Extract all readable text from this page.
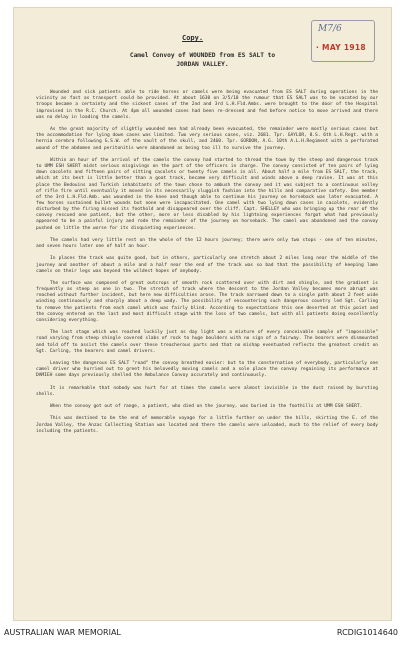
M7/6
· MAY 1918
Copy.
Camel Convoy of WOUNDED from ES SALT to
JORDAN VALLEY.

Wounded and sick patients able to ride horses or camels were being evacuated from ES SALT during operations in the vicinity as fast as transport could be provided. At about 1630 on 3/5/18 the rumour that ES SALT was to be vacated by our troops became a certainty and the sickest cases of the 2nd and 3rd L.H.Fld.Ambs. were brought to the door of the Hospital improvised in the R.C. Church. At 4pm all wounded cases had been re-dressed and fed before notice to move arrived and there was no delay in loading the camels.

As the great majority of slightly wounded men had already been evacuated, the remainder were mostly serious cases but the accommodation for lying down cases was limited. Two very serious cases, viz. 2681. Tpr. GAYLOR, 8.S. 6th L.H.Regt. with a hernia cerebra following G.S.W. of the vault of the skull, and 2460. Tpr. GORDON, A.G. 10th A.L.H.Regiment with a perforated wound of the abdomen and peritonitis were abandoned as being too ill to survive the journey.

Within an hour of the arrival of the camels the convoy had started to thread the town by the steep and dangerous track to UMM ESH SHERT midst serious misgivings on the part of the officers in charge. The convoy consisted of ten pairs of lying down cacolets and fifteen pairs of sitting cacolets or twenty five camels in all. About half a mile from ES SALT, the track, which at its best is little better than a goat track, became very difficult and winds above a deep ravine. It was at this place the Bedouins and Turkish inhabitants of the town chose to ambush the convoy and it was subject to a continuous volley of rifle fire until eventually it moved in its necessarily sluggish fashion into the hills and comparative safety. One member of the 3rd L.H.Fld.Amb. was wounded in the knee and though able to continue his journey on horseback was later evacuated. A few horses sustained bullet wounds but none were incapacitated. One camel with two lying down cases in cacolets, evidently disturbed by the firing missed its foothold and disappeared over the cliff. Capt. SHELLEY who was bringing up the rear of the convoy rescued one patient, but the other, more or less disabled by his lightning experiences forgot what had previously appeared to be a painful injury and rode the remainder of the journey on horseback. The camel was abandoned and the convoy pushed on little the worse for its disquieting experiences.

The camels had very little rest on the whole of the 12 hours journey; there were only two stops - one of ten minutes, and seven hours later one of half an hour.

In places the track was quite good, but in others, particularly one stretch about 2 miles long near the middle of the journey and another of about a mile and a half near the end of the track was so bad that the possibility of keeping lame camels on their legs was beyond the wildest hopes of anybody.

The surface was composed of great outcrops of smooth rock scattered over with dirt and shingle, and the gradient is frequently as steep as one in two. The stretch of track where the descent to the Jordan Valley becomes more abrupt was reached without further incident, but here new difficulties arose. The track narrowed down to a single path about 2 feet wide winding continuously and sharply about a deep wady. The possibility of encountering such dangerous country led Sgt. Carling to remove the patients from each camel which was fairly blind. According to expectations this one deserted at this point and the convoy entered on the last and most difficult stage with the loss of two camels, but with all patients doing excellently considering everything.

The last stage which was reached luckily just as day light was a mixture of every conceivable sample of "impossible" road varying from steep shingle covered slabs of rock to huge boulders with no sign of a fairway. The bearers were dismounted and told off to assist the camels over these treacherous parts and that no mishap eventuated reflects the greatest credit on Sgt. Carling, the bearers and camel drivers.

Leaving the dangerous ES SALT "road" the convoy breathed easier: but to the consternation of everybody, particularly one camel driver who hurried out to greet his belovedly moving camels and a sole place the convoy regaining its performance at DAMIEH some days previously shelled the Ambulance Convoy accurately and continuously.

It is remarkable that nobody was hurt for at times the camels were almost invisible in the dust raised by bursting shells.

When the convoy got out of range, a patient, who died on the journey, was buried in the foothills at UMM ESH SHERT.

This was destined to be the end of memorable voyage for a little further on under the hills, skirting the E. of the Jordan Valley, the Anzac Collecting Station was located and there the camels were unloaded, much to the relief of every body including the patients.

AUSTRALIAN WAR MEMORIAL	RCDIG1014640
